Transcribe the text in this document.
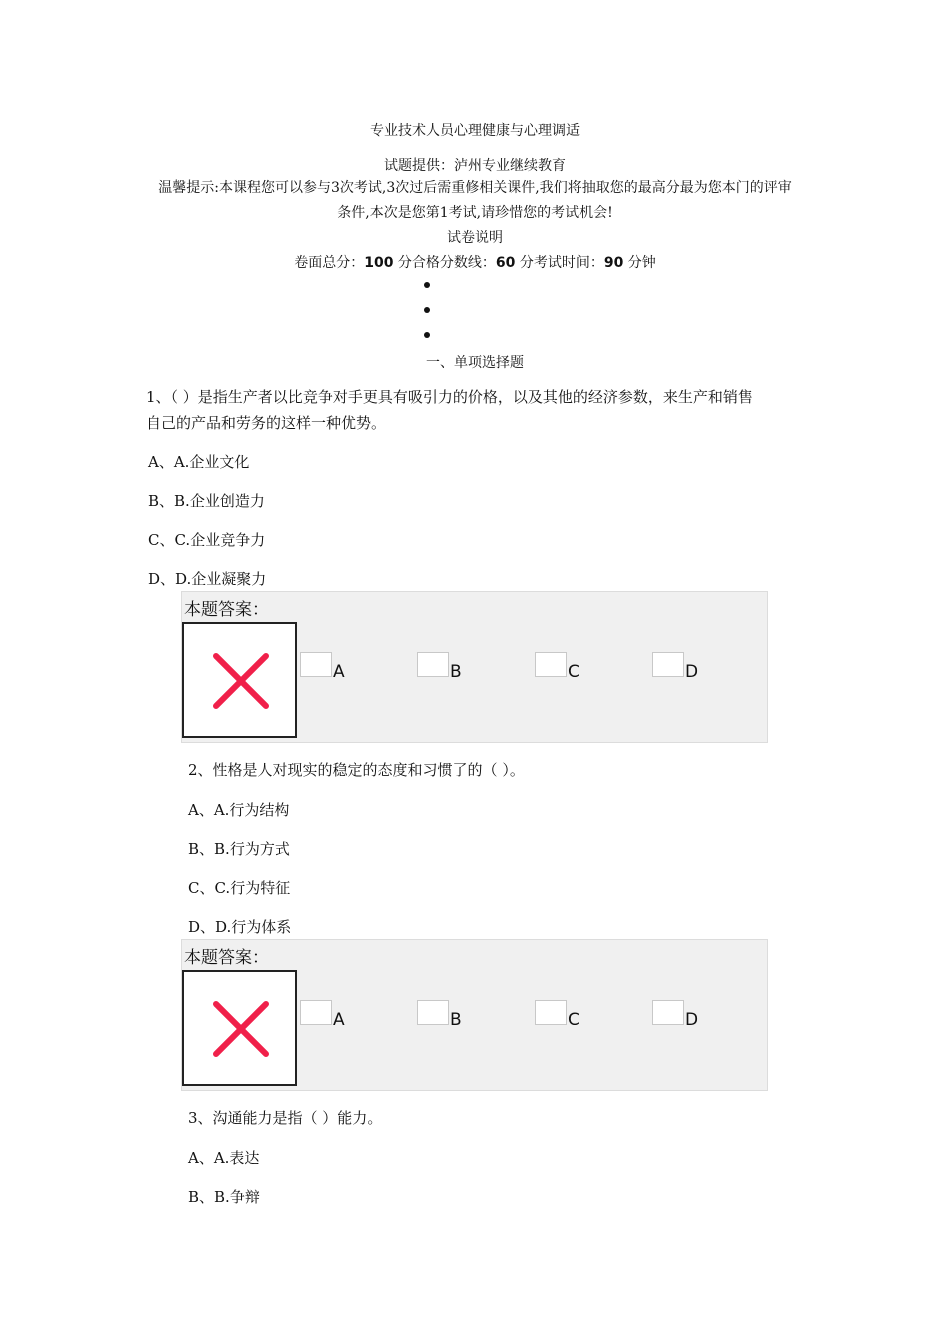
专业技术人员心理健康与心理调适
试题提供：泸州专业继续教育
温馨提示:本课程您可以参与3次考试,3次过后需重修相关课件,我们将抽取您的最高分最为您本门的评审
条件,本次是您第1考试,请珍惜您的考试机会!
试卷说明
卷面总分：100 分合格分数线：60 分考试时间：90 分钟
一、单项选择题
1、（ ）是指生产者以比竞争对手更具有吸引力的价格，以及其他的经济参数，来生产和销售
自己的产品和劳务的这样一种优势。
A、A.企业文化
B、B.企业创造力
C、C.企业竞争力
D、D.企业凝聚力
本题答案：
A	B	C	D
2、性格是人对现实的稳定的态度和习惯了的（ ）。
A、A.行为结构
B、B.行为方式
C、C.行为特征
D、D.行为体系
本题答案：
A	B	C	D
3、沟通能力是指（ ）能力。
A、A.表达
B、B.争辩
